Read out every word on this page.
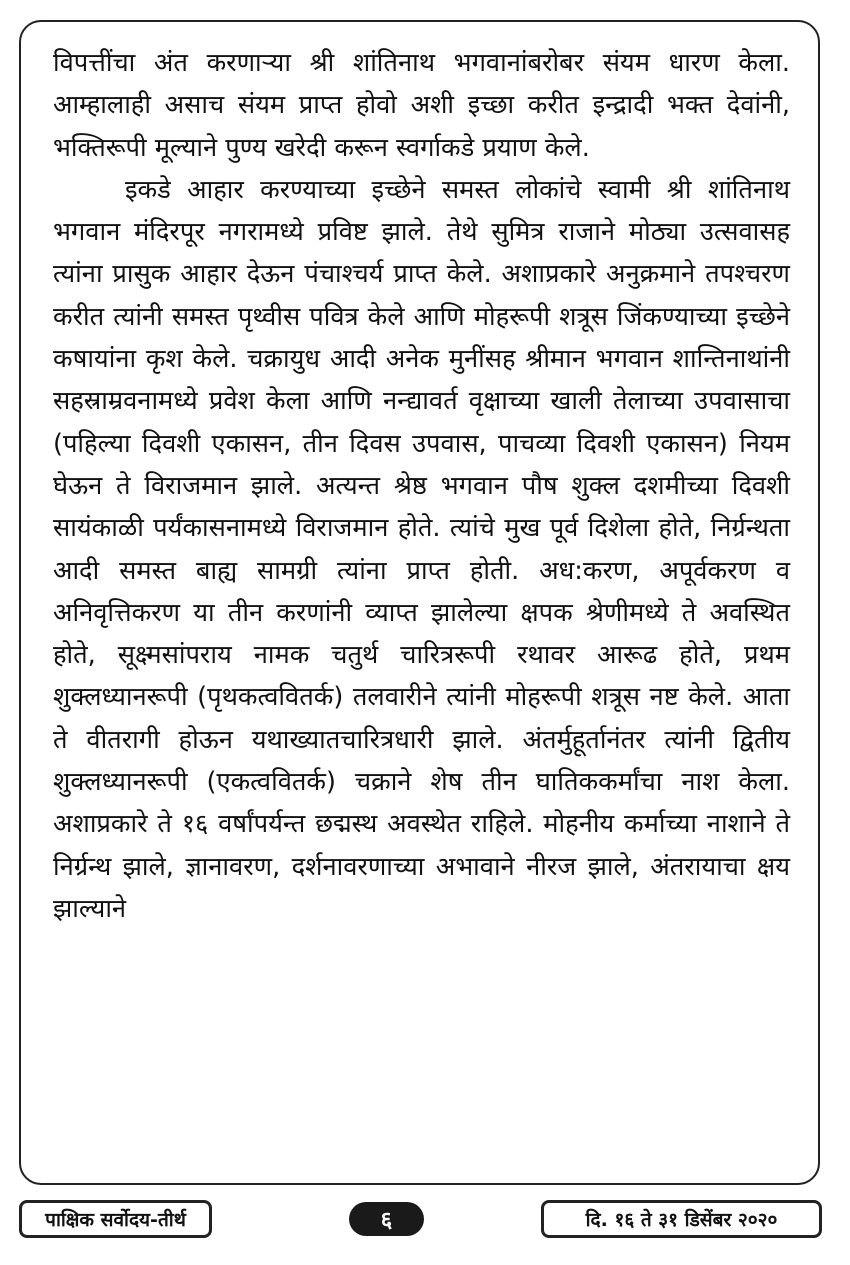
विपत्तींचा अंत करणाऱ्या श्री शांतिनाथ भगवानांबरोबर संयम धारण केला. आम्हालाही असाच संयम प्राप्त होवो अशी इच्छा करीत इन्द्रादी भक्त देवांनी, भक्तिरूपी मूल्याने पुण्य खरेदी करून स्वर्गाकडे प्रयाण केले.

इकडे आहार करण्याच्या इच्छेने समस्त लोकांचे स्वामी श्री शांतिनाथ भगवान मंदिरपूर नगरामध्ये प्रविष्ट झाले. तेथे सुमित्र राजाने मोठ्या उत्सवासह त्यांना प्रासुक आहार देऊन पंचाश्चर्य प्राप्त केले. अशाप्रकारे अनुक्रमाने तपश्चरण करीत त्यांनी समस्त पृथ्वीस पवित्र केले आणि मोहरूपी शत्रूस जिंकण्याच्या इच्छेने कषायांना कृश केले. चक्रायुध आदी अनेक मुनींसह श्रीमान भगवान शान्तिनाथांनी सहस्राम्रवनामध्ये प्रवेश केला आणि नन्द्यावर्त वृक्षाच्या खाली तेलाच्या उपवासाचा (पहिल्या दिवशी एकासन, तीन दिवस उपवास, पाचव्या दिवशी एकासन) नियम घेऊन ते विराजमान झाले. अत्यन्त श्रेष्ठ भगवान पौष शुक्ल दशमीच्या दिवशी सायंकाळी पर्यंकासनामध्ये विराजमान होते. त्यांचे मुख पूर्व दिशेला होते, निर्ग्रन्थता आदी समस्त बाह्य सामग्री त्यांना प्राप्त होती. अध:करण, अपूर्वकरण व अनिवृत्तिकरण या तीन करणांनी व्याप्त झालेल्या क्षपक श्रेणीमध्ये ते अवस्थित होते, सूक्ष्मसांपराय नामक चतुर्थ चारित्ररूपी रथावर आरूढ होते, प्रथम शुक्लध्यानरूपी (पृथकत्ववितर्क) तलवारीने त्यांनी मोहरूपी शत्रूस नष्ट केले. आता ते वीतरागी होऊन यथाख्यातचारित्रधारी झाले. अंतर्मुहूर्तानंतर त्यांनी द्वितीय शुक्लध्यानरूपी (एकत्ववितर्क) चक्राने शेष तीन घातिककर्मांचा नाश केला. अशाप्रकारे ते १६ वर्षांपर्यन्त छद्मस्थ अवस्थेत राहिले. मोहनीय कर्माच्या नाशाने ते निर्ग्रन्थ झाले, ज्ञानावरण, दर्शनावरणाच्या अभावाने नीरज झाले, अंतरायाचा क्षय झाल्याने

पाक्षिक सर्वोदय-तीर्थ	६	दि. १६ ते ३१ डिसेंबर २०२०
